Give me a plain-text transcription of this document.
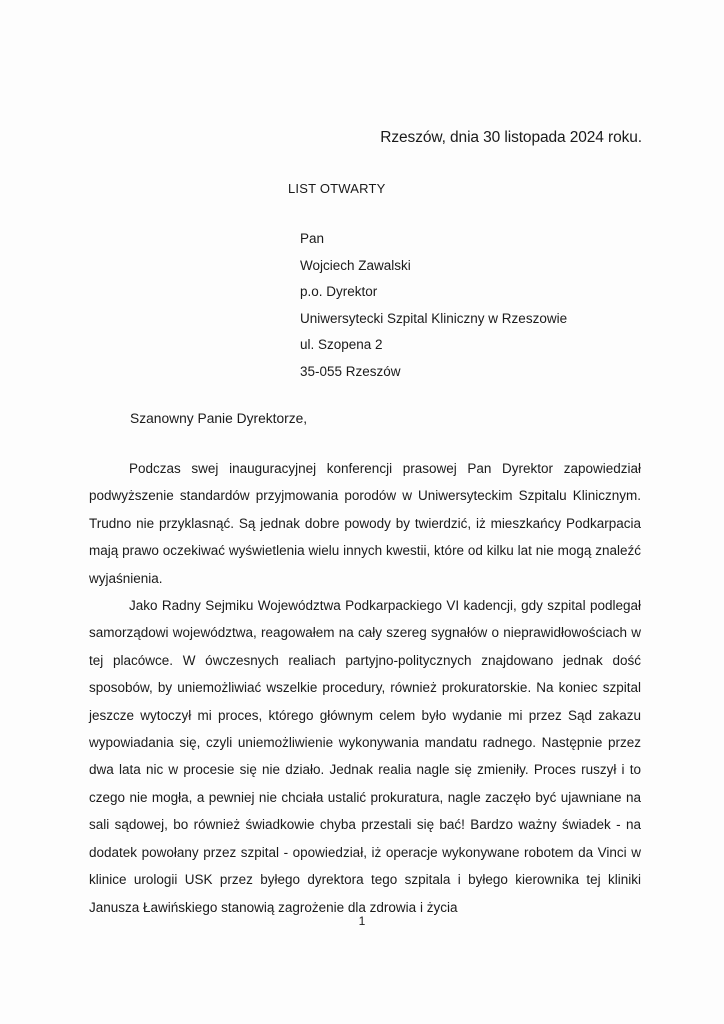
Rzeszów, dnia 30 listopada 2024 roku.
LIST OTWARTY
Pan
Wojciech Zawalski
p.o. Dyrektor
Uniwersytecki Szpital Kliniczny w Rzeszowie
ul. Szopena 2
35-055 Rzeszów
Szanowny Panie Dyrektorze,

Podczas swej inauguracyjnej konferencji prasowej Pan Dyrektor zapowiedział podwyższenie standardów przyjmowania porodów w Uniwersyteckim Szpitalu Klinicznym. Trudno nie przyklasnąć. Są jednak dobre powody by twierdzić, iż mieszkańcy Podkarpacia mają prawo oczekiwać wyświetlenia wielu innych kwestii, które od kilku lat nie mogą znaleźć wyjaśnienia.

Jako Radny Sejmiku Województwa Podkarpackiego VI kadencji, gdy szpital podlegał samorządowi województwa, reagowałem na cały szereg sygnałów o nieprawidłowościach w tej placówce. W ówczesnych realiach partyjno-politycznych znajdowano jednak dość sposobów, by uniemożliwiać wszelkie procedury, również prokuratorskie. Na koniec szpital jeszcze wytoczył mi proces, którego głównym celem było wydanie mi przez Sąd zakazu wypowiadania się, czyli uniemożliwienie wykonywania mandatu radnego. Następnie przez dwa lata nic w procesie się nie działo. Jednak realia nagle się zmieniły. Proces ruszył i to czego nie mogła, a pewniej nie chciała ustalić prokuratura, nagle zaczęło być ujawniane na sali sądowej, bo również świadkowie chyba przestali się bać! Bardzo ważny świadek - na dodatek powołany przez szpital - opowiedział, iż operacje wykonywane robotem da Vinci w klinice urologii USK przez byłego dyrektora tego szpitala i byłego kierownika tej kliniki Janusza Ławińskiego stanowią zagrożenie dla zdrowia i życia

1
